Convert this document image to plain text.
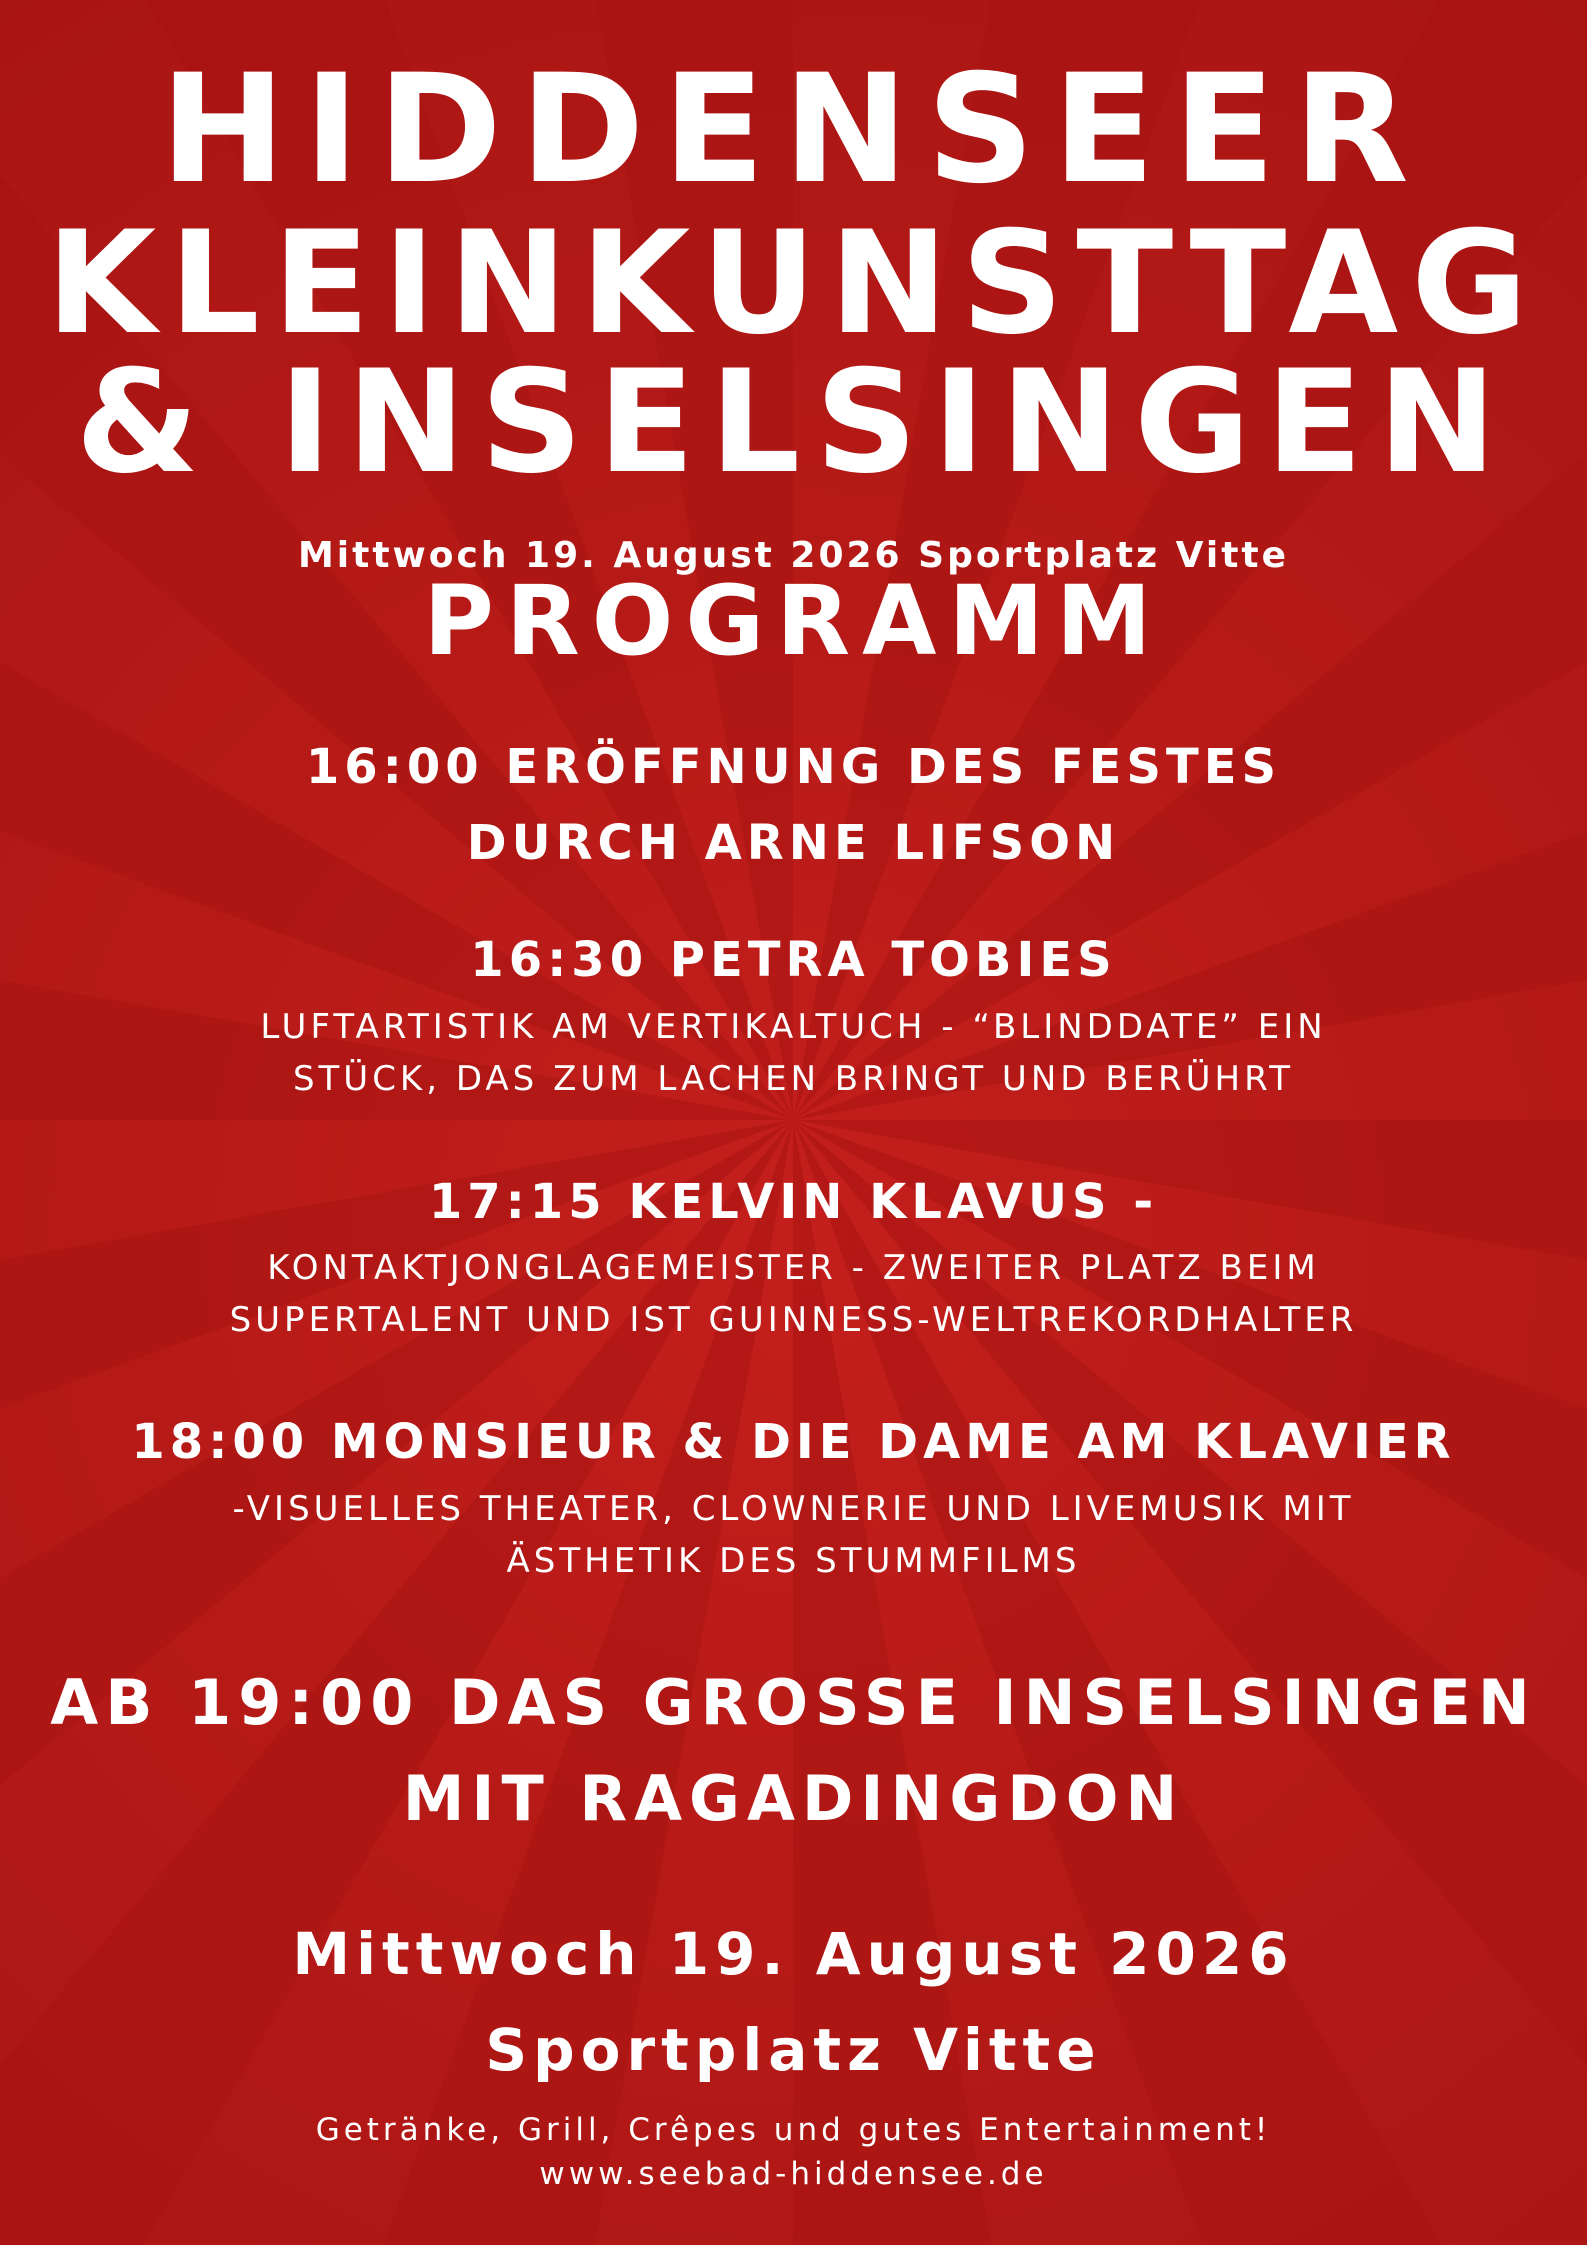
HIDDENSEER
KLEINKUNSTTAG
& INSELSINGEN
Mittwoch 19. August 2026 Sportplatz Vitte
PROGRAMM
16:00 ERÖFFNUNG DES FESTES
DURCH ARNE LIFSON
16:30 PETRA TOBIES
LUFTARTISTIK AM VERTIKALTUCH - “BLINDDATE” EIN
STÜCK, DAS ZUM LACHEN BRINGT UND BERÜHRT
17:15 KELVIN KLAVUS -
KONTAKTJONGLAGEMEISTER - ZWEITER PLATZ BEIM
SUPERTALENT UND IST GUINNESS-WELTREKORDHALTER
18:00 MONSIEUR & DIE DAME AM KLAVIER
-VISUELLES THEATER, CLOWNERIE UND LIVEMUSIK MIT
ÄSTHETIK DES STUMMFILMS
AB 19:00 DAS GROSSE INSELSINGEN
MIT RAGADINGDON
Mittwoch 19. August 2026
Sportplatz Vitte
Getränke, Grill, Crêpes und gutes Entertainment!
www.seebad-hiddensee.de
